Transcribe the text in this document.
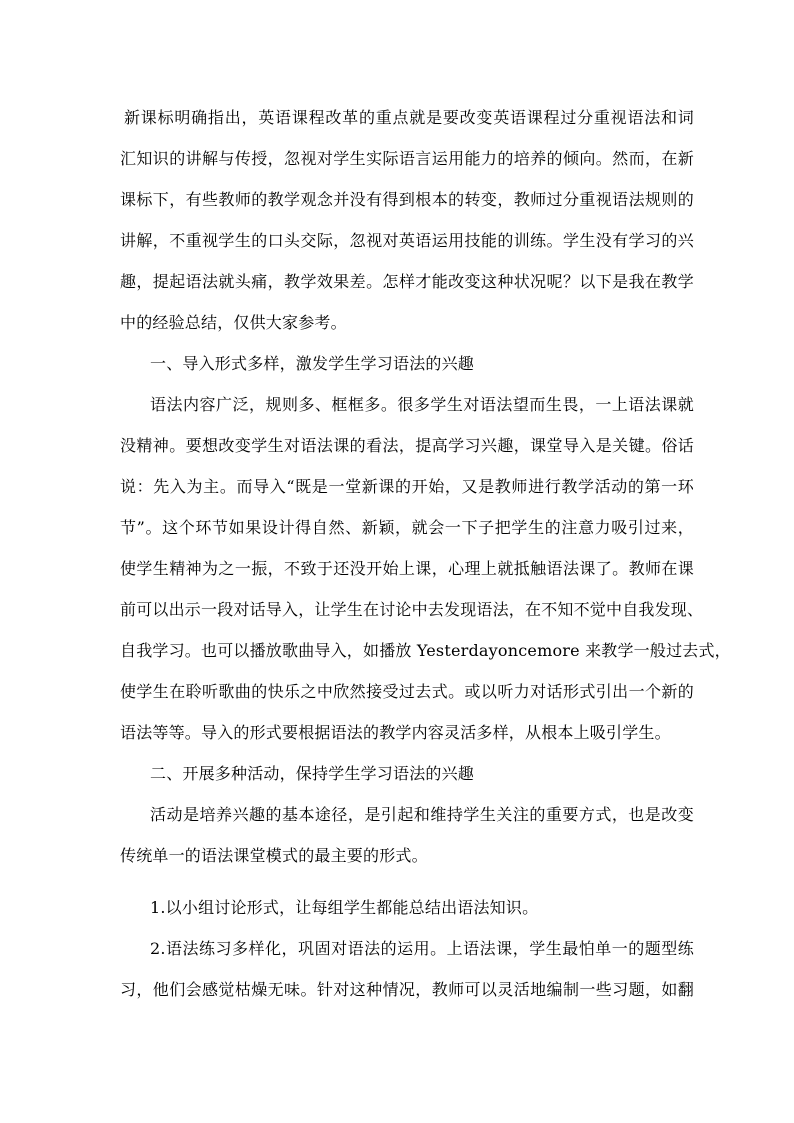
新课标明确指出，英语课程改革的重点就是要改变英语课程过分重视语法和词
汇知识的讲解与传授，忽视对学生实际语言运用能力的培养的倾向。然而，在新
课标下，有些教师的教学观念并没有得到根本的转变，教师过分重视语法规则的
讲解，不重视学生的口头交际，忽视对英语运用技能的训练。学生没有学习的兴
趣，提起语法就头痛，教学效果差。怎样才能改变这种状况呢？以下是我在教学
中的经验总结，仅供大家参考。
一、导入形式多样，激发学生学习语法的兴趣
语法内容广泛，规则多、框框多。很多学生对语法望而生畏，一上语法课就
没精神。要想改变学生对语法课的看法，提高学习兴趣，课堂导入是关键。俗话
说：先入为主。而导入“既是一堂新课的开始，又是教师进行教学活动的第一环
节”。这个环节如果设计得自然、新颖，就会一下子把学生的注意力吸引过来，
使学生精神为之一振，不致于还没开始上课，心理上就抵触语法课了。教师在课
前可以出示一段对话导入，让学生在讨论中去发现语法，在不知不觉中自我发现、
自我学习。也可以播放歌曲导入，如播放 Yesterdayoncemore 来教学一般过去式，
使学生在聆听歌曲的快乐之中欣然接受过去式。或以听力对话形式引出一个新的
语法等等。导入的形式要根据语法的教学内容灵活多样，从根本上吸引学生。
二、开展多种活动，保持学生学习语法的兴趣
活动是培养兴趣的基本途径，是引起和维持学生关注的重要方式，也是改变
传统单一的语法课堂模式的最主要的形式。
1.以小组讨论形式，让每组学生都能总结出语法知识。
2.语法练习多样化，巩固对语法的运用。上语法课，学生最怕单一的题型练
习，他们会感觉枯燥无味。针对这种情况，教师可以灵活地编制一些习题，如翻
